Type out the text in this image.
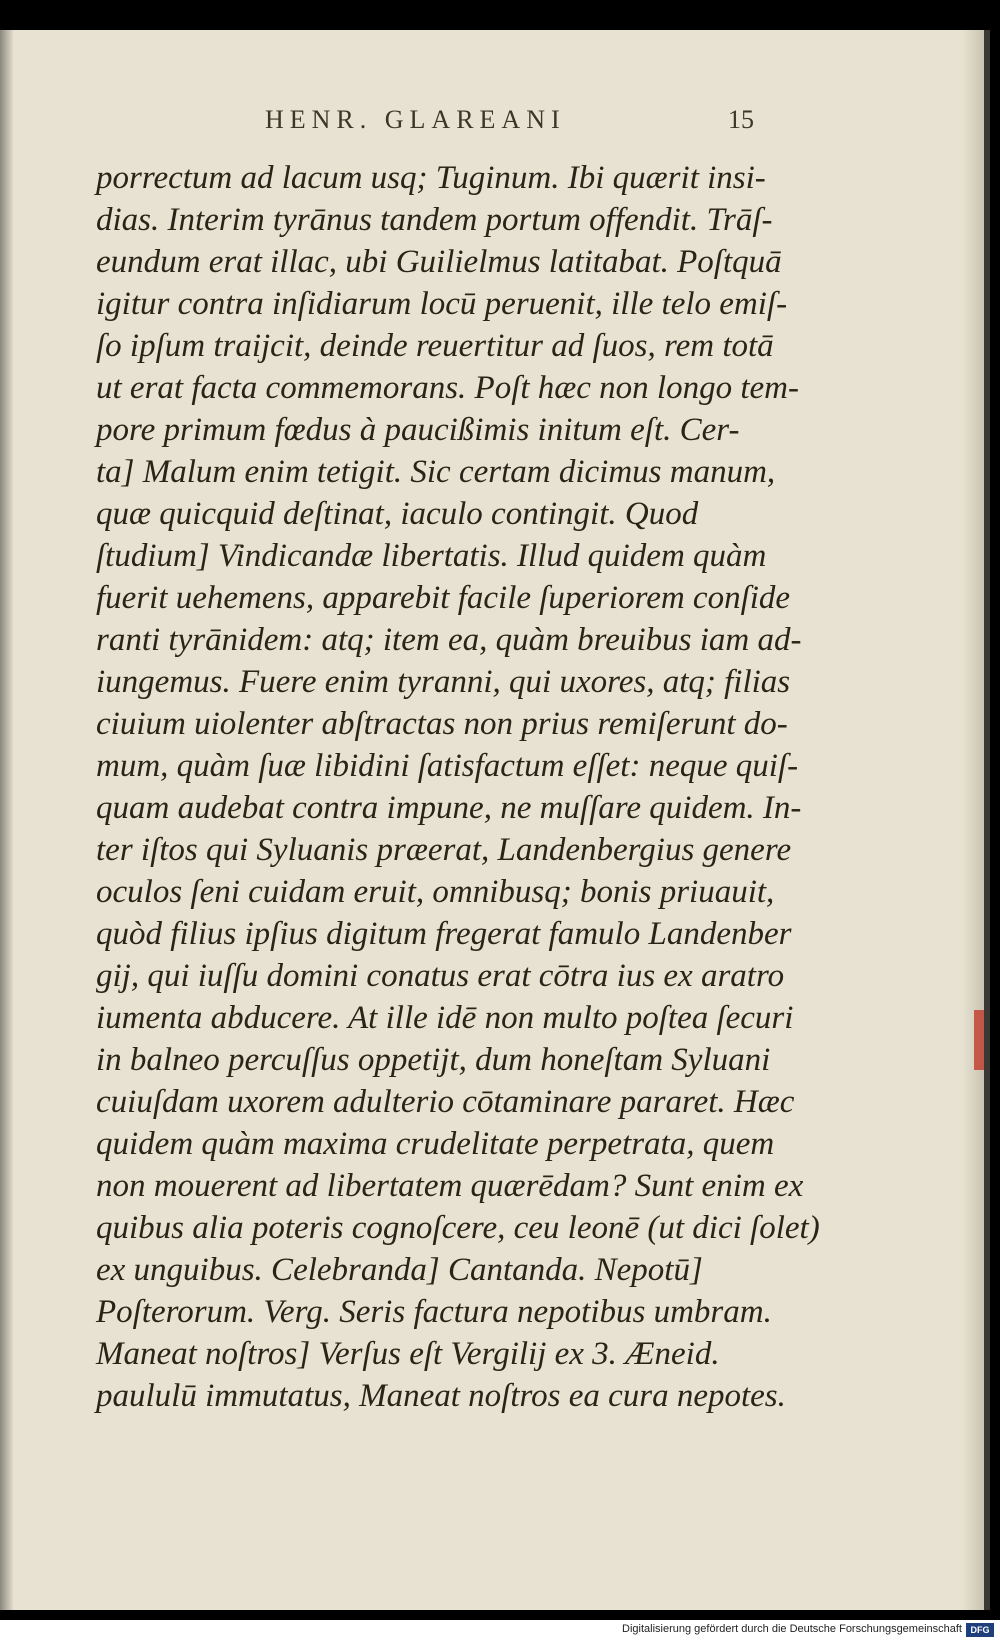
HENR. GLAREANI	15
porrectum ad lacum usq; Tuginum. Ibi quærit insi-
dias. Interim tyrānus tandem portum offendit. Trāſ-
eundum erat illac, ubi Guilielmus latitabat. Poſtquā
igitur contra inſidiarum locū peruenit, ille telo emiſ-
ſo ipſum traijcit, deinde reuertitur ad ſuos, rem totā
ut erat facta commemorans. Poſt hæc non longo tem-
pore primum fœdus à paucißimis initum eſt. Cer-
ta] Malum enim tetigit. Sic certam dicimus manum,
quæ quicquid deſtinat, iaculo contingit. Quod
ſtudium] Vindicandæ libertatis. Illud quidem quàm
fuerit uehemens, apparebit facile ſuperiorem conſide
ranti tyrānidem: atq; item ea, quàm breuibus iam ad-
iungemus. Fuere enim tyranni, qui uxores, atq; filias
ciuium uiolenter abſtractas non prius remiſerunt do-
mum, quàm ſuæ libidini ſatisfactum eſſet: neque quiſ-
quam audebat contra impune, ne muſſare quidem. In-
ter iſtos qui Syluanis præerat, Landenbergius genere
oculos ſeni cuidam eruit, omnibusq; bonis priuauit,
quòd filius ipſius digitum fregerat famulo Landenber
gij, qui iuſſu domini conatus erat cōtra ius ex aratro
iumenta abducere. At ille idē non multo poſtea ſecuri
in balneo percuſſus oppetijt, dum honeſtam Syluani
cuiuſdam uxorem adulterio cōtaminare pararet. Hæc
quidem quàm maxima crudelitate perpetrata, quem
non mouerent ad libertatem quærēdam? Sunt enim ex
quibus alia poteris cognoſcere, ceu leonē (ut dici ſolet)
ex unguibus. Celebranda] Cantanda. Nepotū]
Poſterorum. Verg. Seris factura nepotibus umbram.
Maneat noſtros] Verſus eſt Vergilij ex 3. Æneid.
paululū immutatus, Maneat noſtros ea cura nepotes.
Digitalisierung gefördert durch die Deutsche Forschungsgemeinschaft DFG
